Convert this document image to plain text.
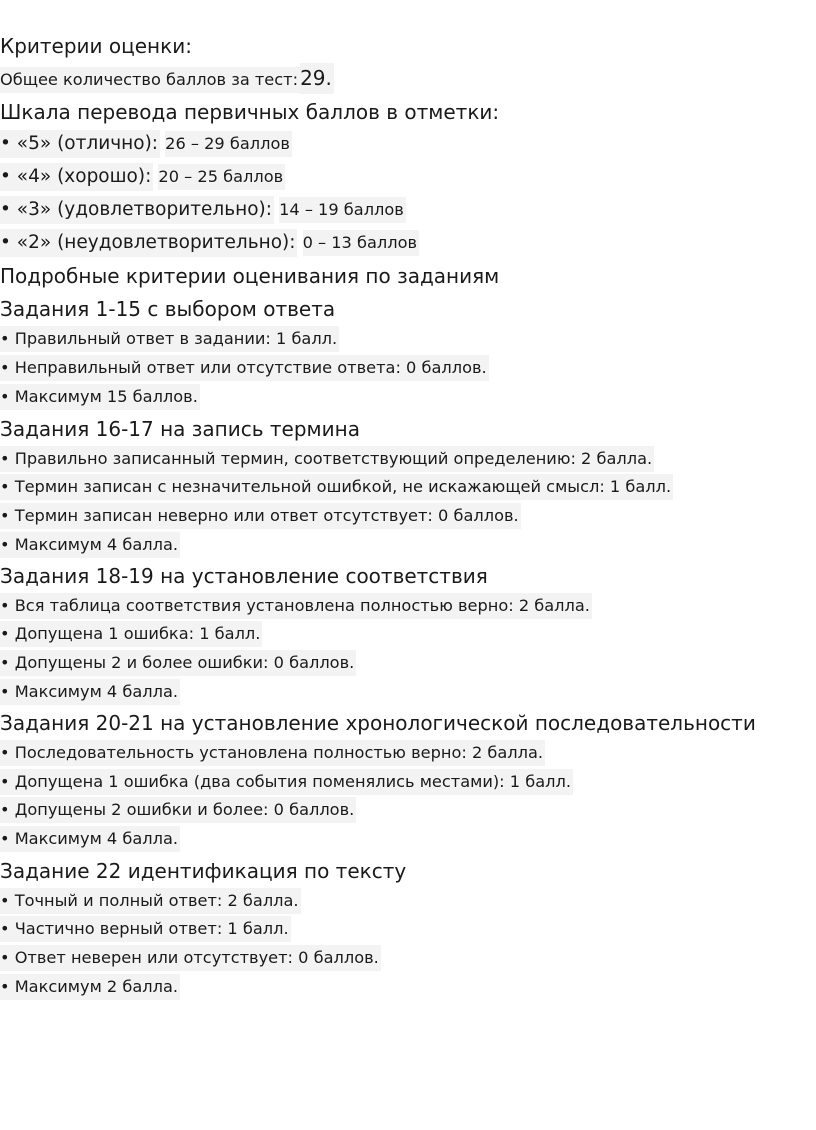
Критерии оценки:
Общее количество баллов за тест: 29.
Шкала перевода первичных баллов в отметки:
• «5» (отлично): 26 – 29 баллов
• «4» (хорошо): 20 – 25 баллов
• «3» (удовлетворительно): 14 – 19 баллов
• «2» (неудовлетворительно): 0 – 13 баллов
Подробные критерии оценивания по заданиям
Задания 1-15 с выбором ответа
• Правильный ответ в задании: 1 балл.
• Неправильный ответ или отсутствие ответа: 0 баллов.
• Максимум 15 баллов.
Задания 16-17 на запись термина
• Правильно записанный термин, соответствующий определению: 2 балла.
• Термин записан с незначительной ошибкой, не искажающей смысл: 1 балл.
• Термин записан неверно или ответ отсутствует: 0 баллов.
• Максимум 4 балла.
Задания 18-19 на установление соответствия
• Вся таблица соответствия установлена полностью верно: 2 балла.
• Допущена 1 ошибка: 1 балл.
• Допущены 2 и более ошибки: 0 баллов.
• Максимум 4 балла.
Задания 20-21 на установление хронологической последовательности
• Последовательность установлена полностью верно: 2 балла.
• Допущена 1 ошибка (два события поменялись местами): 1 балл.
• Допущены 2 ошибки и более: 0 баллов.
• Максимум 4 балла.
Задание 22 идентификация по тексту
• Точный и полный ответ: 2 балла.
• Частично верный ответ: 1 балл.
• Ответ неверен или отсутствует: 0 баллов.
• Максимум 2 балла.
